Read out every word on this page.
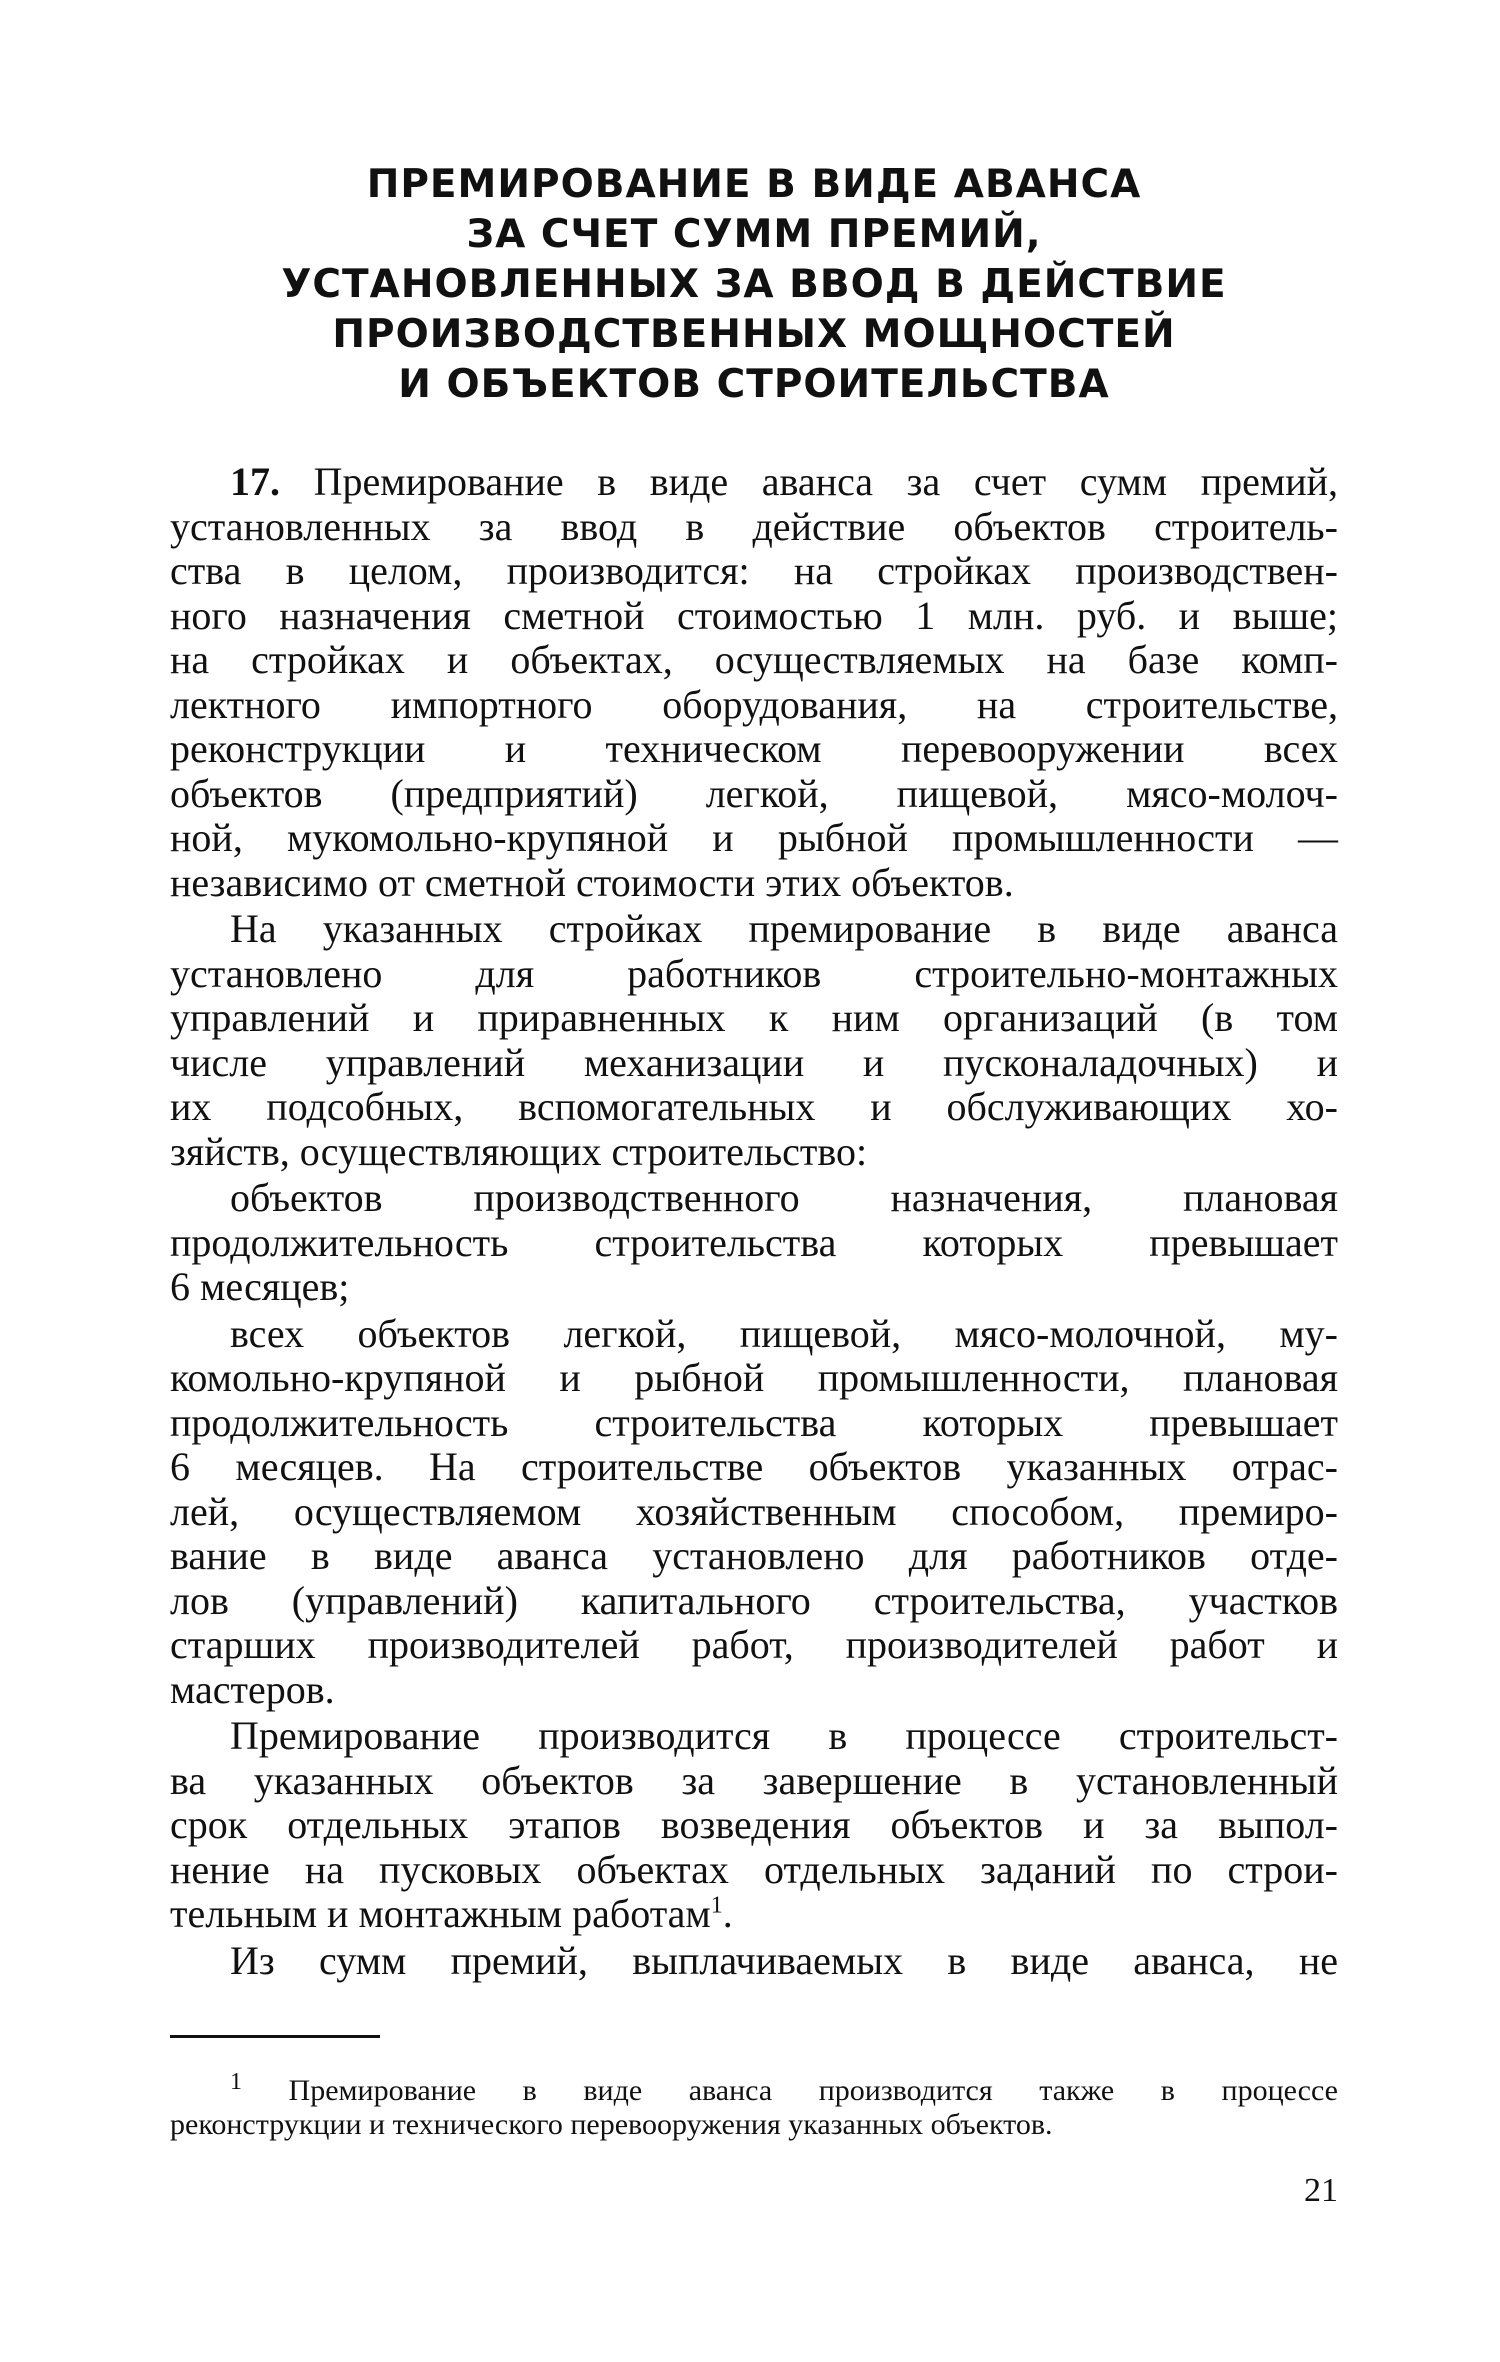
ПРЕМИРОВАНИЕ В ВИДЕ АВАНСА
ЗА СЧЕТ СУММ ПРЕМИЙ,
УСТАНОВЛЕННЫХ ЗА ВВОД В ДЕЙСТВИЕ
ПРОИЗВОДСТВЕННЫХ МОЩНОСТЕЙ
И ОБЪЕКТОВ СТРОИТЕЛЬСТВА
17. Премирование в виде аванса за счет сумм премий,
установленных за ввод в действие объектов строитель-
ства в целом, производится: на стройках производствен-
ного назначения сметной стоимостью 1 млн. руб. и выше;
на стройках и объектах, осуществляемых на базе комп-
лектного импортного оборудования, на строительстве,
реконструкции и техническом перевооружении всех
объектов (предприятий) легкой, пищевой, мясо-молоч-
ной, мукомольно-крупяной и рыбной промышленности —
независимо от сметной стоимости этих объектов.
На указанных стройках премирование в виде аванса
установлено для работников строительно-монтажных
управлений и приравненных к ним организаций (в том
числе управлений механизации и пусконаладочных) и
их подсобных, вспомогательных и обслуживающих хо-
зяйств, осуществляющих строительство:
объектов производственного назначения, плановая
продолжительность строительства которых превышает
6 месяцев;
всех объектов легкой, пищевой, мясо-молочной, му-
комольно-крупяной и рыбной промышленности, плановая
продолжительность строительства которых превышает
6 месяцев. На строительстве объектов указанных отрас-
лей, осуществляемом хозяйственным способом, премиро-
вание в виде аванса установлено для работников отде-
лов (управлений) капитального строительства, участков
старших производителей работ, производителей работ и
мастеров.
Премирование производится в процессе строительст-
ва указанных объектов за завершение в установленный
срок отдельных этапов возведения объектов и за выпол-
нение на пусковых объектах отдельных заданий по строи-
тельным и монтажным работам$^1$.
Из сумм премий, выплачиваемых в виде аванса, не
$^1$ Премирование в виде аванса производится также в процессе
реконструкции и технического перевооружения указанных объектов.
21
